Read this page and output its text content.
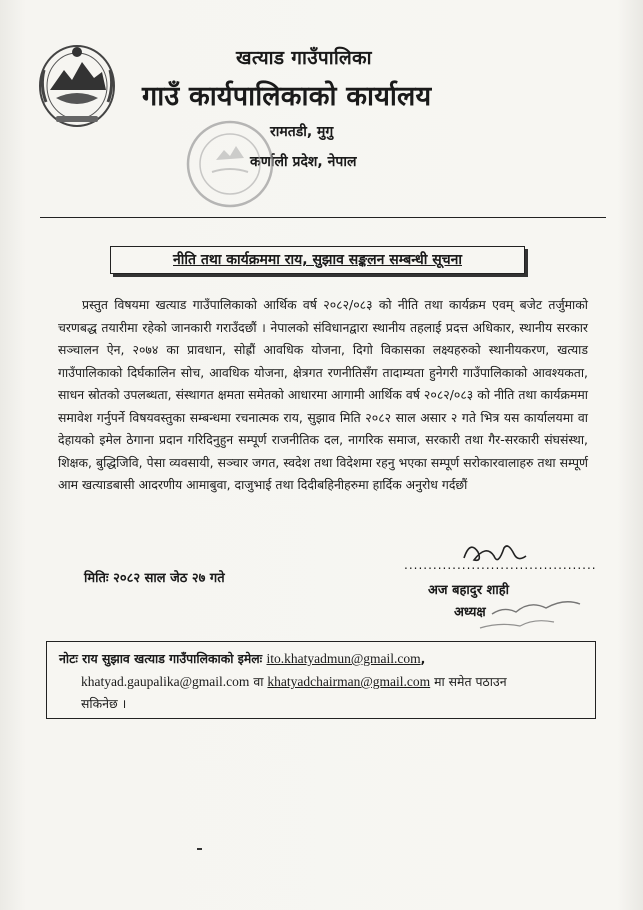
खत्याड गाउँपालिका
गाउँ कार्यपालिकाको कार्यालय
रामतडी, मुगु
कर्णाली प्रदेश, नेपाल
नीति तथा कार्यक्रममा राय, सुझाव सङ्कलन सम्बन्धी सूचना
प्रस्तुत विषयमा खत्याड गाउँपालिकाको आर्थिक वर्ष २०८२/०८३ को नीति तथा कार्यक्रम एवम् बजेट तर्जुमाको चरणबद्ध तयारीमा रहेको जानकारी गराउँदछौं । नेपालको संविधानद्वारा स्थानीय तहलाई प्रदत्त अधिकार, स्थानीय सरकार सञ्चालन ऐन, २०७४ का प्रावधान, सोह्रौं आवधिक योजना, दिगो विकासका लक्ष्यहरुको स्थानीयकरण, खत्याड गाउँपालिकाको दिर्घकालिन सोच, आवधिक योजना, क्षेत्रगत रणनीतिसँग तादाम्यता हुनेगरी गाउँपालिकाको आवश्यकता, साधन स्रोतको उपलब्धता, संस्थागत क्षमता समेतको आधारमा आगामी आर्थिक वर्ष २०८२/०८३ को नीति तथा कार्यक्रममा समावेश गर्नुपर्ने विषयवस्तुका सम्बन्धमा रचनात्मक राय, सुझाव मिति २०८२ साल असार २ गते भित्र यस कार्यालयमा वा देहायको इमेल ठेगाना प्रदान गरिदिनुहुन सम्पूर्ण राजनीतिक दल, नागरिक समाज, सरकारी तथा गैर-सरकारी संघसंस्था, शिक्षक, बुद्धिजिवि, पेसा व्यवसायी, सञ्चार जगत, स्वदेश तथा विदेशमा रहनु भएका सम्पूर्ण सरोकारवालाहरु तथा सम्पूर्ण आम खत्याडबासी आदरणीय आमाबुवा, दाजुभाई तथा दिदीबहिनीहरुमा हार्दिक अनुरोध गर्दछौं
मितिः २०८२ साल जेठ २७ गते
........................................
अज बहादुर शाही
अध्यक्ष
नोटः राय सुझाव खत्याड गाउँपालिकाको इमेलः ito.khatyadmun@gmail.com,
khatyad.gaupalika@gmail.com वा khatyadchairman@gmail.com मा समेत पठाउन
सकिनेछ ।
